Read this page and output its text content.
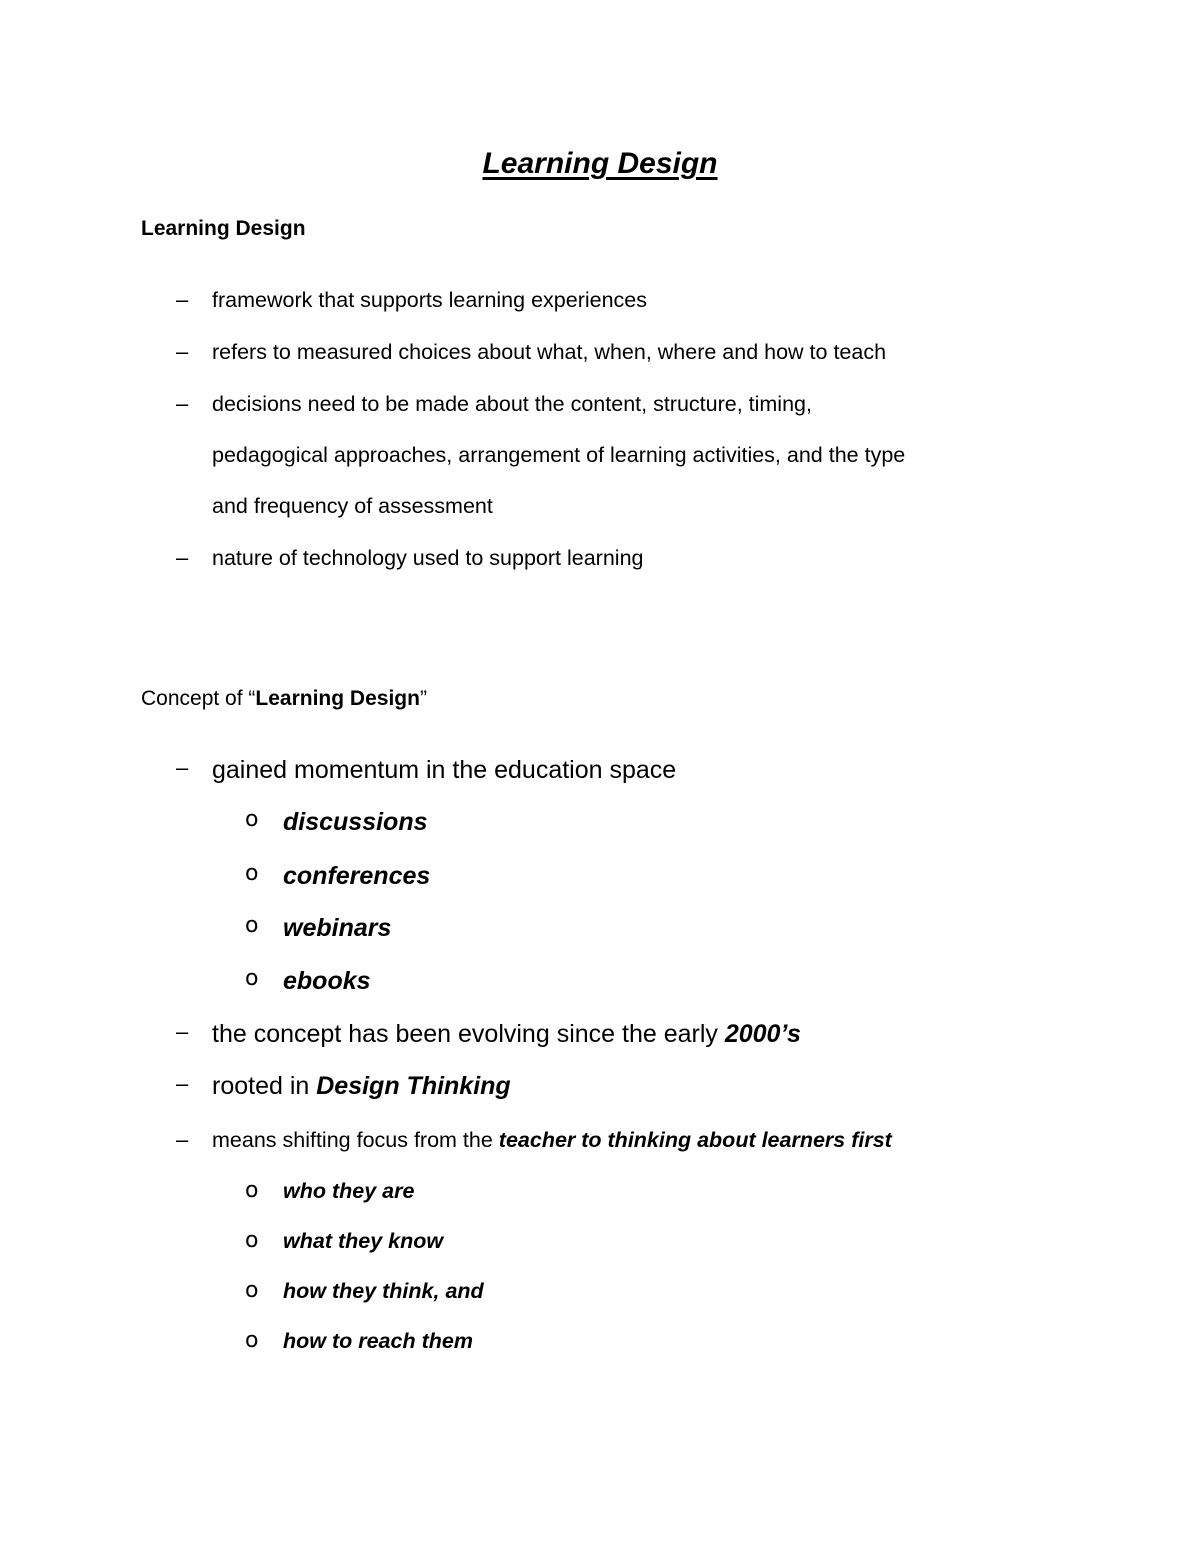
Learning Design
Learning Design
– framework that supports learning experiences
– refers to measured choices about what, when, where and how to teach
– decisions need to be made about the content, structure, timing,
pedagogical approaches, arrangement of learning activities, and the type
and frequency of assessment
– nature of technology used to support learning
Concept of “Learning Design”
– gained momentum in the education space
o discussions
o conferences
o webinars
o ebooks
– the concept has been evolving since the early 2000’s
– rooted in Design Thinking
– means shifting focus from the teacher to thinking about learners first
o who they are
o what they know
o how they think, and
o how to reach them
